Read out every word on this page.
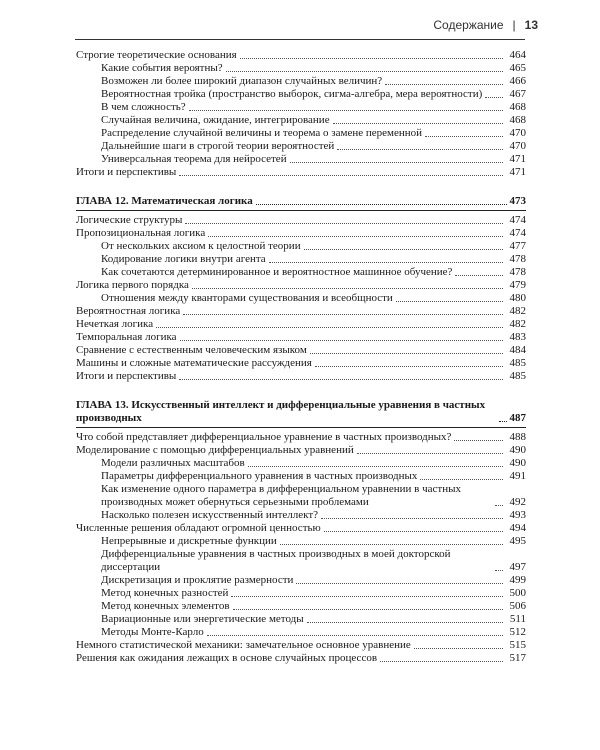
Содержание | 13
Строгие теоретические основания	464
Какие события вероятны?	465
Возможен ли более широкий диапазон случайных величин?	466
Вероятностная тройка (пространство выборок, сигма-алгебра, мера вероятности)	467
В чем сложность?	468
Случайная величина, ожидание, интегрирование	468
Распределение случайной величины и теорема о замене переменной	470
Дальнейшие шаги в строгой теории вероятностей	470
Универсальная теорема для нейросетей	471
Итоги и перспективы	471
ГЛАВА 12. Математическая логика	473
Логические структуры	474
Пропозициональная логика	474
От нескольких аксиом к целостной теории	477
Кодирование логики внутри агента	478
Как сочетаются детерминированное и вероятностное машинное обучение?	478
Логика первого порядка	479
Отношения между кванторами существования и всеобщности	480
Вероятностная логика	482
Нечеткая логика	482
Темпоральная логика	483
Сравнение с естественным человеческим языком	484
Машины и сложные математические рассуждения	485
Итоги и перспективы	485
ГЛАВА 13. Искусственный интеллект и дифференциальные уравнения в частных производных	487
Что собой представляет дифференциальное уравнение в частных производных?	488
Моделирование с помощью дифференциальных уравнений	490
Модели различных масштабов	490
Параметры дифференциального уравнения в частных производных	491
Как изменение одного параметра в дифференциальном уравнении в частных производных может обернуться серьезными проблемами	492
Насколько полезен искусственный интеллект?	493
Численные решения обладают огромной ценностью	494
Непрерывные и дискретные функции	495
Дифференциальные уравнения в частных производных в моей докторской диссертации	497
Дискретизация и проклятие размерности	499
Метод конечных разностей	500
Метод конечных элементов	506
Вариационные или энергетические методы	511
Методы Монте-Карло	512
Немного статистической механики: замечательное основное уравнение	515
Решения как ожидания лежащих в основе случайных процессов	517
